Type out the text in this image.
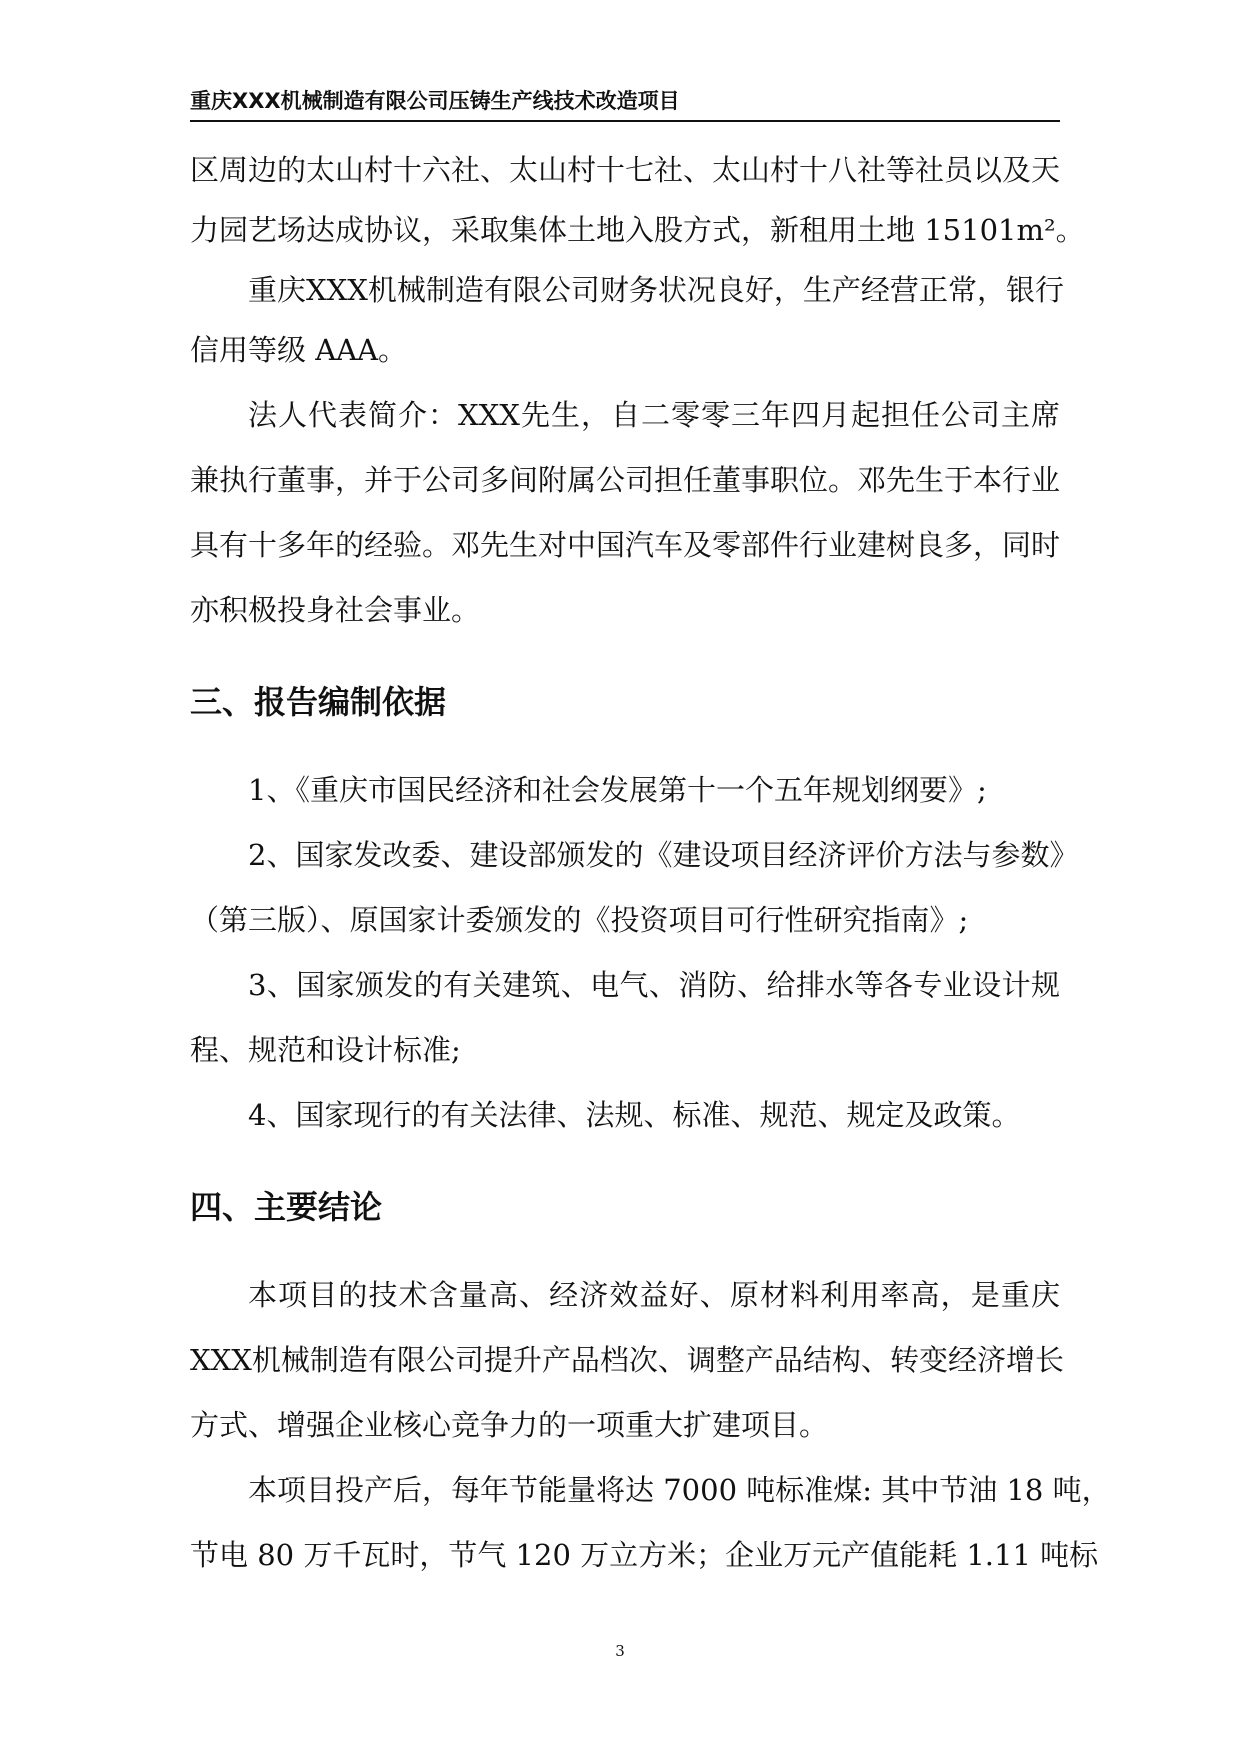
重庆XXX机械制造有限公司压铸生产线技术改造项目
区周边的太山村十六社、太山村十七社、太山村十八社等社员以及天
力园艺场达成协议，采取集体土地入股方式，新租用土地 15101m²。
重庆XXX机械制造有限公司财务状况良好，生产经营正常，银行
信用等级 AAA。
法人代表简介：XXX先生，自二零零三年四月起担任公司主席
兼执行董事，并于公司多间附属公司担任董事职位。邓先生于本行业
具有十多年的经验。邓先生对中国汽车及零部件行业建树良多，同时
亦积极投身社会事业。
三、报告编制依据
1、《重庆市国民经济和社会发展第十一个五年规划纲要》;
2、国家发改委、建设部颁发的《建设项目经济评价方法与参数》
（第三版）、原国家计委颁发的《投资项目可行性研究指南》;
3、国家颁发的有关建筑、电气、消防、给排水等各专业设计规
程、规范和设计标准;
4、国家现行的有关法律、法规、标准、规范、规定及政策。
四、主要结论
本项目的技术含量高、经济效益好、原材料利用率高，是重庆
XXX机械制造有限公司提升产品档次、调整产品结构、转变经济增长
方式、增强企业核心竞争力的一项重大扩建项目。
本项目投产后，每年节能量将达 7000 吨标准煤: 其中节油 18 吨，
节电 80 万千瓦时，节气 120 万立方米；企业万元产值能耗 1.11 吨标
3
